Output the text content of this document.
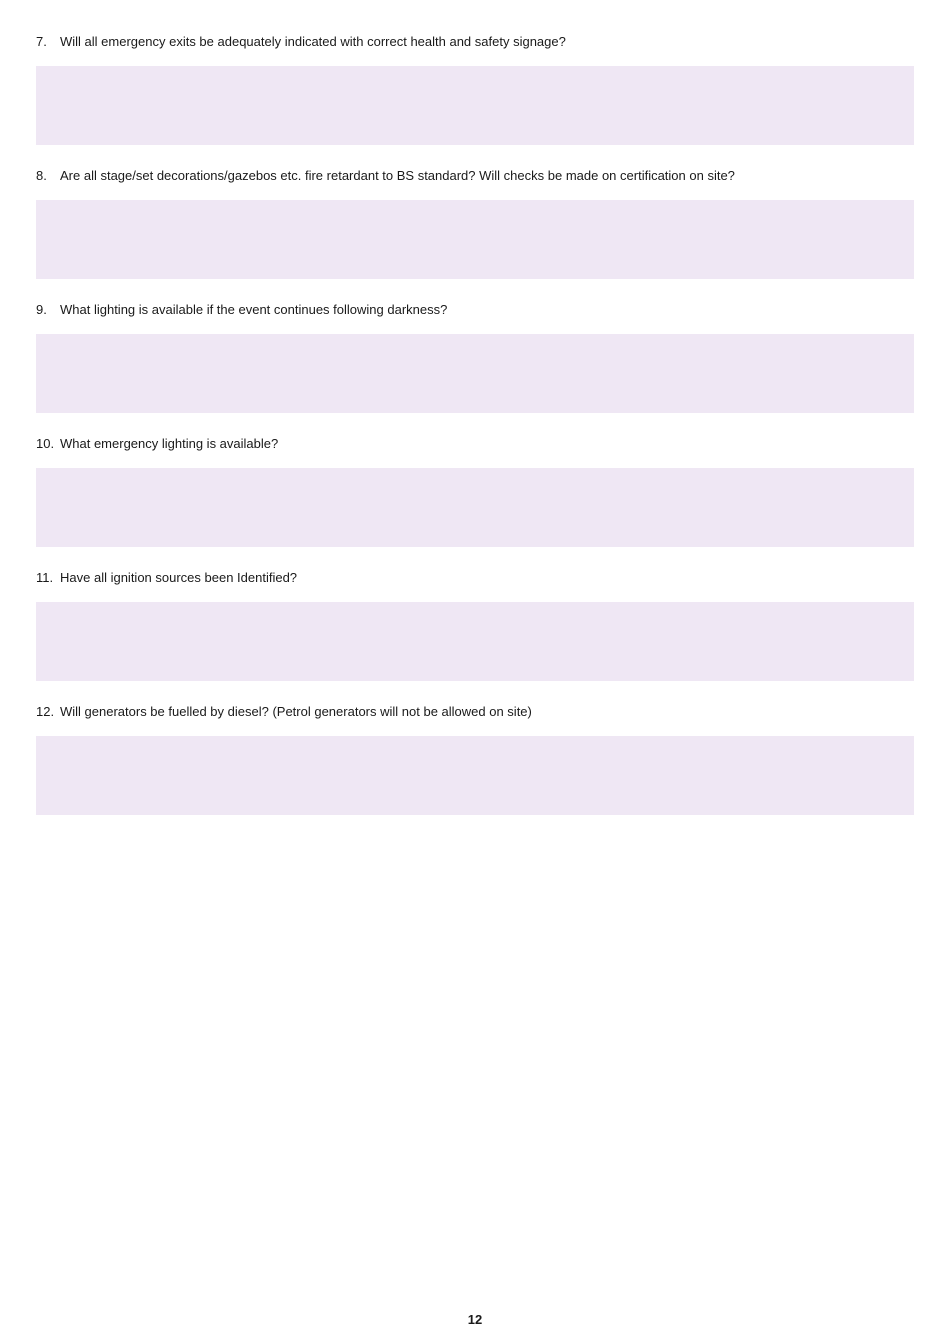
7.	Will all emergency exits be adequately indicated with correct health and safety signage?
8.	Are all stage/set decorations/gazebos etc. fire retardant to BS standard? Will checks be made on certification on site?
9.	What lighting is available if the event continues following darkness?
10. What emergency lighting is available?
11. Have all ignition sources been Identified?
12. Will generators be fuelled by diesel? (Petrol generators will not be allowed on site)
12
